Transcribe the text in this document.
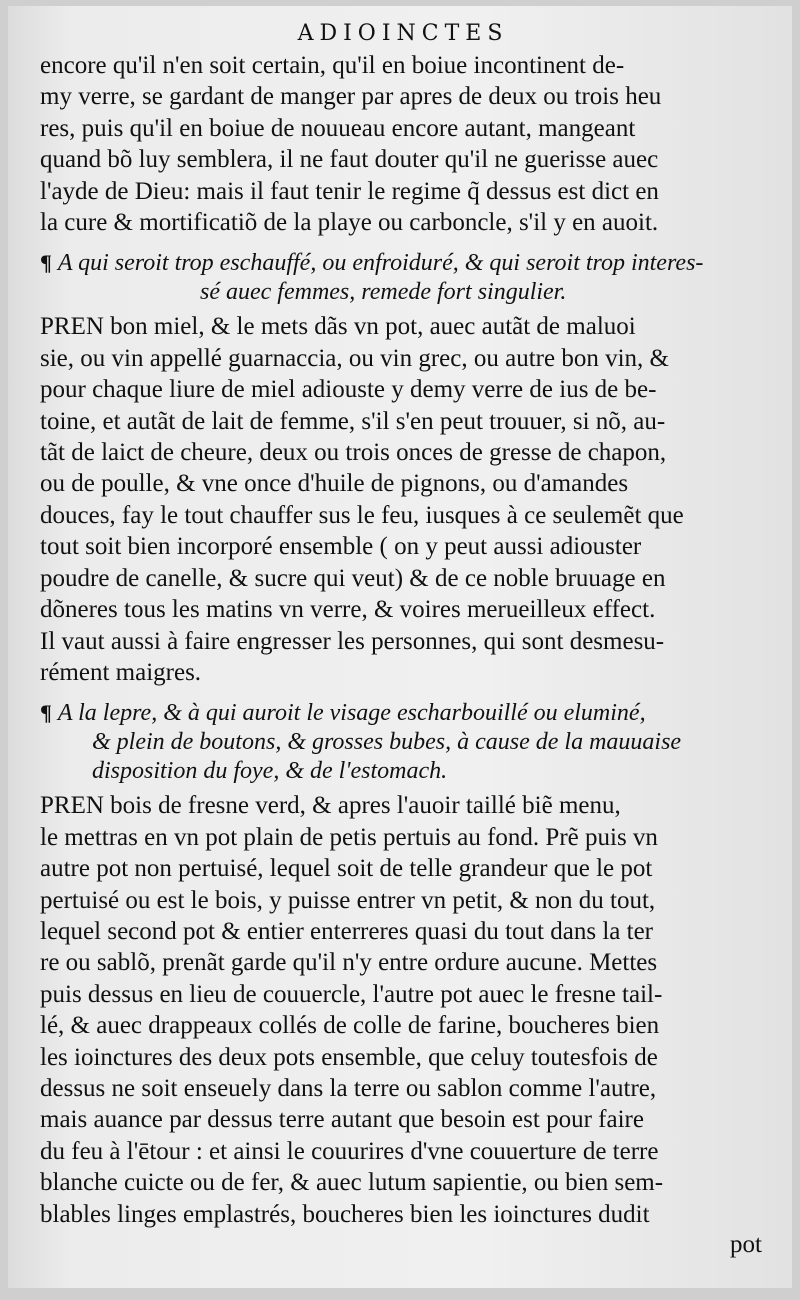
ADIOINCTES
encore qu'il n'en soit certain, qu'il en boiue incontinent de-
my verre, se gardant de manger par apres de deux ou trois heu
res, puis qu'il en boiue de nouueau encore autant, mangeant
quand bõ luy semblera, il ne faut douter qu'il ne guerisse auec
l'ayde de Dieu: mais il faut tenir le regime q̃ dessus est dict en
la cure & mortificatiõ de la playe ou carboncle, s'il y en auoit.
¶ A qui seroit trop eschauffé, ou enfroiduré, & qui seroit trop interes-
sé auec femmes, remede fort singulier.
PREN bon miel, & le mets dãs vn pot, auec autãt de maluoi
sie, ou vin appellé guarnaccia, ou vin grec, ou autre bon vin, &
pour chaque liure de miel adiouste y demy verre de ius de be-
toine, et autãt de lait de femme, s'il s'en peut trouuer, si nõ, au-
tãt de laict de cheure, deux ou trois onces de gresse de chapon,
ou de poulle, & vne once d'huile de pignons, ou d'amandes
douces, fay le tout chauffer sus le feu, iusques à ce seulemẽt que
tout soit bien incorporé ensemble ( on y peut aussi adiouster
poudre de canelle, & sucre qui veut) & de ce noble bruuage en
dõneres tous les matins vn verre, & voires merueilleux effect.
Il vaut aussi à faire engresser les personnes, qui sont desmesu-
rément maigres.
¶ A la lepre, & à qui auroit le visage escharbouillé ou eluminé,
& plein de boutons, & grosses bubes, à cause de la mauuaise
disposition du foye, & de l'estomach.
PREN bois de fresne verd, & apres l'auoir taillé biẽ menu,
le mettras en vn pot plain de petis pertuis au fond. Prẽ puis vn
autre pot non pertuisé, lequel soit de telle grandeur que le pot
pertuisé ou est le bois, y puisse entrer vn petit, & non du tout,
lequel second pot & entier enterreres quasi du tout dans la ter
re ou sablõ, prenãt garde qu'il n'y entre ordure aucune. Mettes
puis dessus en lieu de couuercle, l'autre pot auec le fresne tail-
lé, & auec drappeaux collés de colle de farine, boucheres bien
les ioinctures des deux pots ensemble, que celuy toutesfois de
dessus ne soit enseuely dans la terre ou sablon comme l'autre,
mais auance par dessus terre autant que besoin est pour faire
du feu à l'ētour : et ainsi le couurires d'vne couuerture de terre
blanche cuicte ou de fer, & auec lutum sapientie, ou bien sem-
blables linges emplastrés, boucheres bien les ioinctures dudit
pot
